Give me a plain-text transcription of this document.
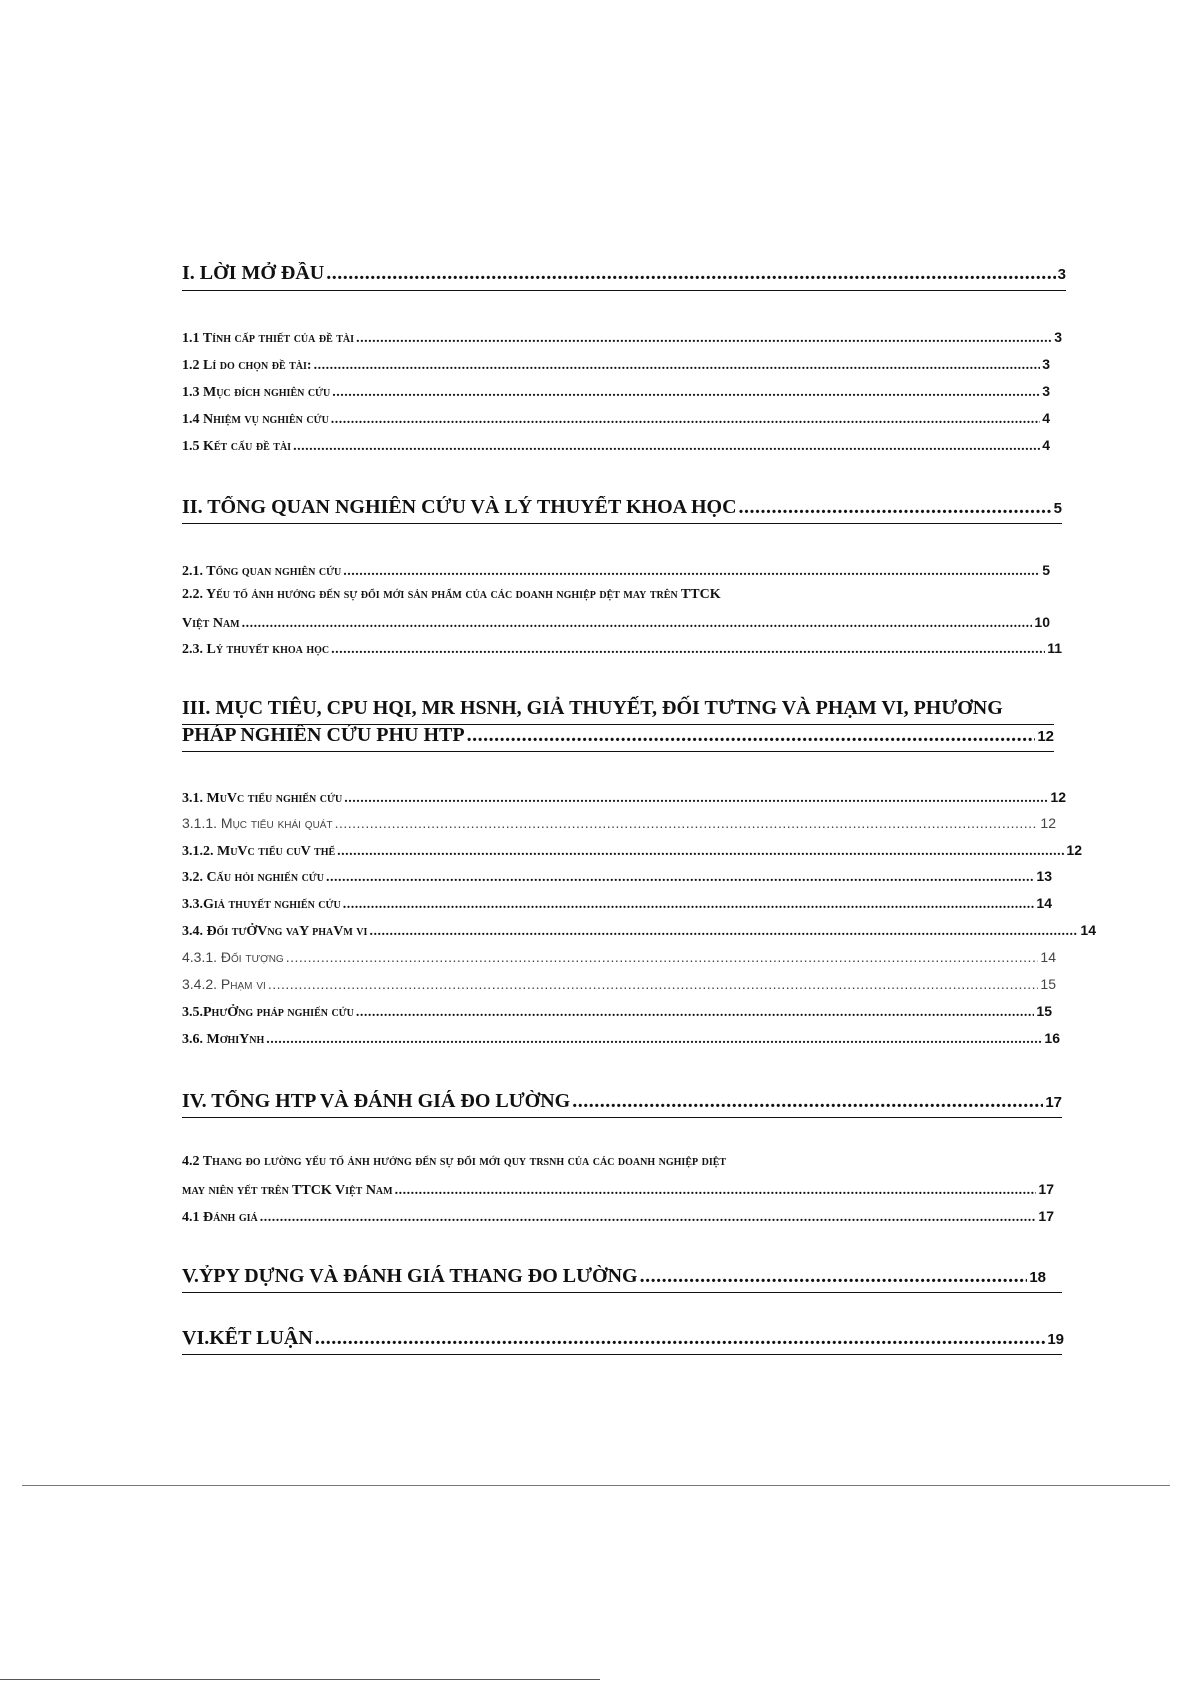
I. LỜI MỞ ĐẦU .....	3
1.1 Tính cấp thiết của đề tài .....	3
1.2 Lí do chọn đề tài: .....	3
1.3 Mục đích nghiên cứu .....	3
1.4 Nhiệm vụ nghiên cứu .....	4
1.5 Kết cấu đề tài .....	4
II. TỔNG QUAN NGHIÊN CỨU VÀ LÝ THUYẾT KHOA HỌC .....	5
2.1. Tổng quan nghiên cứu .....	5
2.2. Yếu tố ảnh hưởng đến sự đổi mới sản phẩm của các doanh nghiệp dệt may trên TTCK
Việt Nam .....	10
2.3. Lý thuyết khoa học .....	11
III. MỤC TIÊU, CPU HQI, MR HSNH, GIẢ THUYẾT, ĐỐI TƯTNG VÀ PHẠM VI, PHƯƠNG
PHÁP NGHIÊN CỨU PHU HTP .....	12
3.1. MuVc tiểu nghiến cứu .....	12
3.1.1. Mục tiểu khái quát .....	12
3.1.2. MuVc tiểu cuV thể .....	12
3.2. Cấu hỏi nghiến cứu .....	13
3.3.Giả thuyết nghiến cứu .....	14
3.4. Đối tưỞVng vaY phaVm vi .....	14
4.3.1. Đối tượng .....	14
3.4.2. Phạm vi .....	15
3.5.PhưỞng pháp nghiến cứu .....	15
3.6. MơhiYnh .....	16
IV. TỔNG HTP VÀ ĐÁNH GIÁ ĐO LƯỜNG .....	17
4.2 Thang đo lường yếu tố ảnh hưởng đến sự đổi mới quy trsnh của các doanh nghiệp diệt
may niên yết trên TTCK Việt Nam .....	17
4.1 Đánh giá .....	17
V.ỶPY DỰNG VÀ ĐÁNH GIÁ THANG ĐO LƯỜNG .....	18
VI.KẾT LUẬN .....	19
